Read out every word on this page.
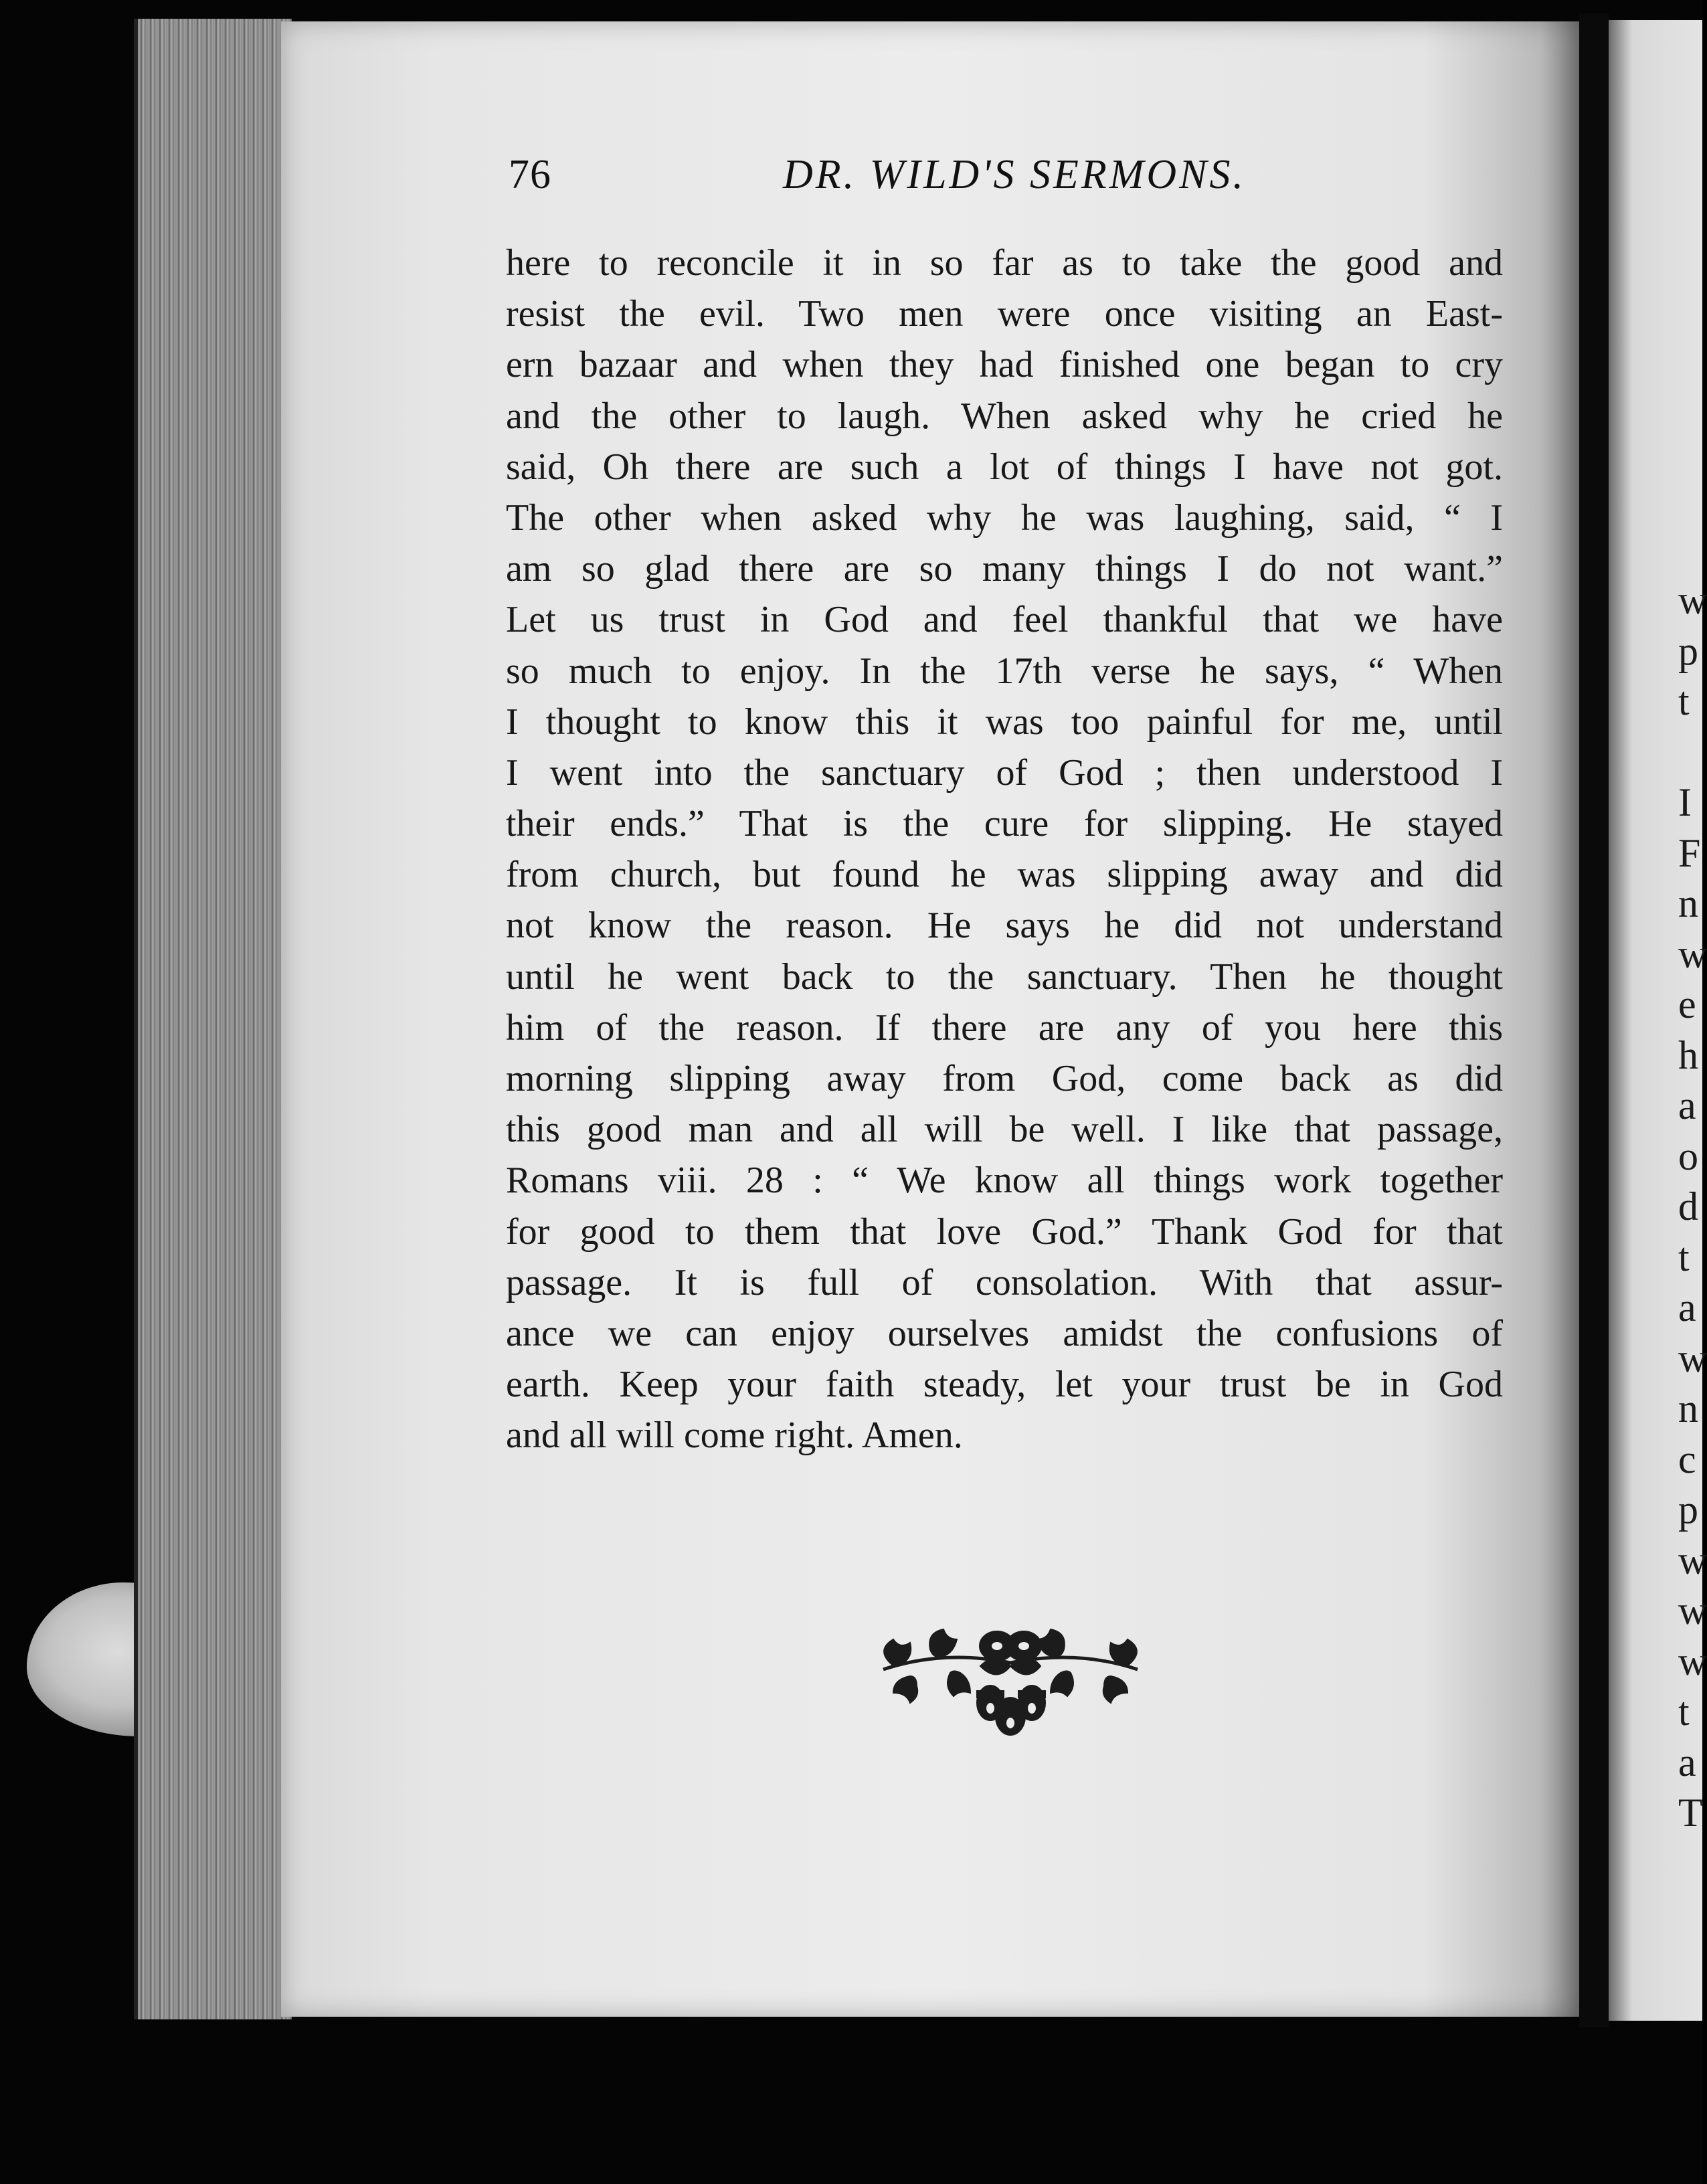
w
p
t
I
F
n
w
e
h
a
o
d
t
a
w
n
c
p
w
w
w
t
a
T
76	DR. WILD'S SERMONS.
here to reconcile it in so far as to take the good and
resist the evil. Two men were once visiting an East-
ern bazaar and when they had finished one began to cry
and the other to laugh. When asked why he cried he
said, Oh there are such a lot of things I have not got.
The other when asked why he was laughing, said, “ I
am so glad there are so many things I do not want.”
Let us trust in God and feel thankful that we have
so much to enjoy. In the 17th verse he says, “ When
I thought to know this it was too painful for me, until
I went into the sanctuary of God ; then understood I
their ends.” That is the cure for slipping. He stayed
from church, but found he was slipping away and did
not know the reason. He says he did not understand
until he went back to the sanctuary. Then he thought
him of the reason. If there are any of you here this
morning slipping away from God, come back as did
this good man and all will be well. I like that passage,
Romans viii. 28 : “ We know all things work together
for good to them that love God.” Thank God for that
passage. It is full of consolation. With that assur-
ance we can enjoy ourselves amidst the confusions of
earth. Keep your faith steady, let your trust be in God
and all will come right. Amen.
